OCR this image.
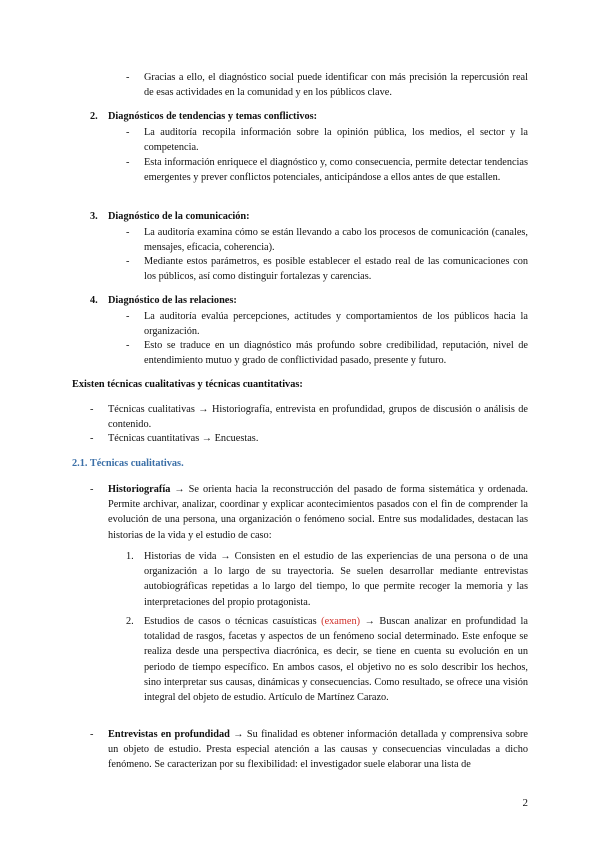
- Gracias a ello, el diagnóstico social puede identificar con más precisión la repercusión real de esas actividades en la comunidad y en los públicos clave.
2. Diagnósticos de tendencias y temas conflictivos:
- La auditoría recopila información sobre la opinión pública, los medios, el sector y la competencia.
- Esta información enriquece el diagnóstico y, como consecuencia, permite detectar tendencias emergentes y prever conflictos potenciales, anticipándose a ellos antes de que estallen.
3. Diagnóstico de la comunicación:
- La auditoría examina cómo se están llevando a cabo los procesos de comunicación (canales, mensajes, eficacia, coherencia).
- Mediante estos parámetros, es posible establecer el estado real de las comunicaciones con los públicos, así como distinguir fortalezas y carencias.
4. Diagnóstico de las relaciones:
- La auditoría evalúa percepciones, actitudes y comportamientos de los públicos hacia la organización.
- Esto se traduce en un diagnóstico más profundo sobre credibilidad, reputación, nivel de entendimiento mutuo y grado de conflictividad pasado, presente y futuro.
Existen técnicas cualitativas y técnicas cuantitativas:
- Técnicas cualitativas → Historiografía, entrevista en profundidad, grupos de discusión o análisis de contenido.
- Técnicas cuantitativas → Encuestas.
2.1. Técnicas cualitativas.
- Historiografía → Se orienta hacia la reconstrucción del pasado de forma sistemática y ordenada. Permite archivar, analizar, coordinar y explicar acontecimientos pasados con el fin de comprender la evolución de una persona, una organización o fenómeno social. Entre sus modalidades, destacan las historias de la vida y el estudio de caso:
1. Historias de vida → Consisten en el estudio de las experiencias de una persona o de una organización a lo largo de su trayectoria. Se suelen desarrollar mediante entrevistas autobiográficas repetidas a lo largo del tiempo, lo que permite recoger la memoria y las interpretaciones del propio protagonista.
2. Estudios de casos o técnicas casuísticas (examen) → Buscan analizar en profundidad la totalidad de rasgos, facetas y aspectos de un fenómeno social determinado. Este enfoque se realiza desde una perspectiva diacrónica, es decir, se tiene en cuenta su evolución en un periodo de tiempo específico. En ambos casos, el objetivo no es solo describir los hechos, sino interpretar sus causas, dinámicas y consecuencias. Como resultado, se ofrece una visión integral del objeto de estudio. Artículo de Martínez Carazo.
- Entrevistas en profundidad → Su finalidad es obtener información detallada y comprensiva sobre un objeto de estudio. Presta especial atención a las causas y consecuencias vinculadas a dicho fenómeno. Se caracterizan por su flexibilidad: el investigador suele elaborar una lista de
2
